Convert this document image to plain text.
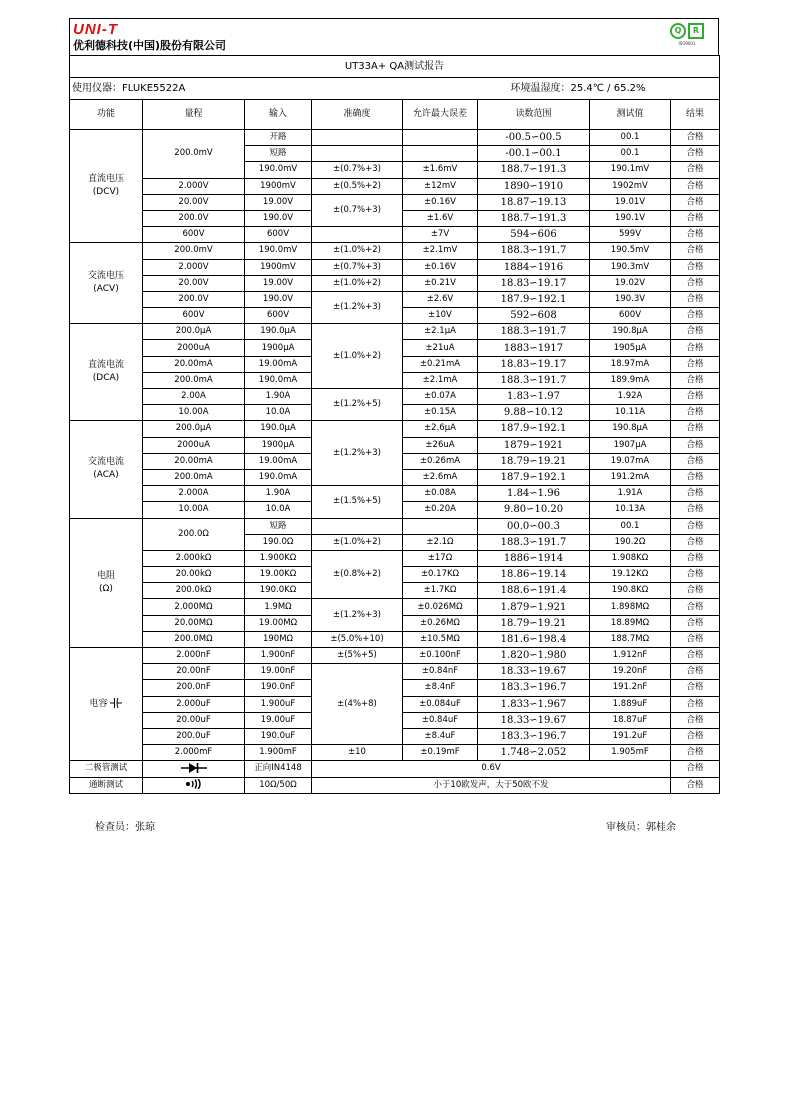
UNI-T
优利德科技(中国)股份有限公司
Q	R
ISO9001
UT33A+ QA测试报告							
使用仪器：FLUKE5522A					环境温湿度：25.4℃ / 65.2%		
功能	量程	输入	准确度	允许最大误差	读数范围	测试值	结果
直流电压
(DCV)	200.0mV	开路			-00.5∽00.5	00.1	合格
		短路			-00.1∽00.1	00.1	合格
		190.0mV	±(0.7%+3)	±1.6mV	188.7∽191.3	190.1mV	合格
	2.000V	1900mV	±(0.5%+2)	±12mV	1890∽1910	1902mV	合格
	20.00V	19.00V	±(0.7%+3)	±0.16V	18.87∽19.13	19.01V	合格
	200.0V	190.0V		±1.6V	188.7∽191.3	190.1V	合格
	600V	600V		±7V	594∽606	599V	合格
交流电压
(ACV)	200.0mV	190.0mV	±(1.0%+2)	±2.1mV	188.3∽191.7	190.5mV	合格
	2.000V	1900mV	±(0.7%+3)	±0.16V	1884∽1916	190.3mV	合格
	20.00V	19.00V	±(1.0%+2)	±0.21V	18.83∽19.17	19.02V	合格
	200.0V	190.0V	±(1.2%+3)	±2.6V	187.9∽192.1	190.3V	合格
	600V	600V		±10V	592∽608	600V	合格
直流电流
(DCA)	200.0μA	190.0μA	±(1.0%+2)	±2.1μA	188.3∽191.7	190.8μA	合格
	2000uA	1900μA		±21uA	1883∽1917	1905μA	合格
	20.00mA	19.00mA		±0.21mA	18.83∽19.17	18.97mA	合格
	200.0mA	190.0mA		±2.1mA	188.3∽191.7	189.9mA	合格
	2.00A	1.90A	±(1.2%+5)	±0.07A	1.83∽1.97	1.92A	合格
	10.00A	10.0A		±0.15A	9.88∽10.12	10.11A	合格
交流电流
(ACA)	200.0μA	190.0μA	±(1.2%+3)	±2.6μA	187.9∽192.1	190.8μA	合格
	2000uA	1900μA		±26uA	1879∽1921	1907μA	合格
	20.00mA	19.00mA		±0.26mA	18.79∽19.21	19.07mA	合格
	200.0mA	190.0mA		±2.6mA	187.9∽192.1	191.2mA	合格
	2.000A	1.90A	±(1.5%+5)	±0.08A	1.84∽1.96	1.91A	合格
	10.00A	10.0A		±0.20A	9.80∽10.20	10.13A	合格
电阻
(Ω)	200.0Ω	短路			00.0∽00.3	00.1	合格
		190.0Ω	±(1.0%+2)	±2.1Ω	188.3∽191.7	190.2Ω	合格
	2.000kΩ	1.900KΩ	±(0.8%+2)	±17Ω	1886∽1914	1.908KΩ	合格
	20.00kΩ	19.00KΩ		±0.17KΩ	18.86∽19.14	19.12KΩ	合格
	200.0kΩ	190.0KΩ		±1.7KΩ	188.6∽191.4	190.8KΩ	合格
	2.000MΩ	1.9MΩ	±(1.2%+3)	±0.026MΩ	1.879∽1.921	1.898MΩ	合格
	20.00MΩ	19.00MΩ		±0.26MΩ	18.79∽19.21	18.89MΩ	合格
	200.0MΩ	190MΩ	±(5.0%+10)	±10.5MΩ	181.6∽198.4	188.7MΩ	合格
电容	2.000nF	1.900nF	±(5%+5)	±0.100nF	1.820∽1.980	1.912nF	合格
	20.00nF	19.00nF	±(4%+8)	±0.84nF	18.33∽19.67	19.20nF	合格
	200.0nF	190.0nF		±8.4nF	183.3∽196.7	191.2nF	合格
	2.000uF	1.900uF		±0.084uF	1.833∽1.967	1.889uF	合格
	20.00uF	19.00uF		±0.84uF	18.33∽19.67	18.87uF	合格
	200.0uF	190.0uF		±8.4uF	183.3∽196.7	191.2uF	合格
	2.000mF	1.900mF	±10	±0.19mF	1.748∽2.052	1.905mF	合格
二极管测试		正向IN4148	0.6V				合格
通断测试		10Ω/50Ω	小于10欧发声，大于50欧不发				合格
检查员：张琼	审核员：郭桂余
